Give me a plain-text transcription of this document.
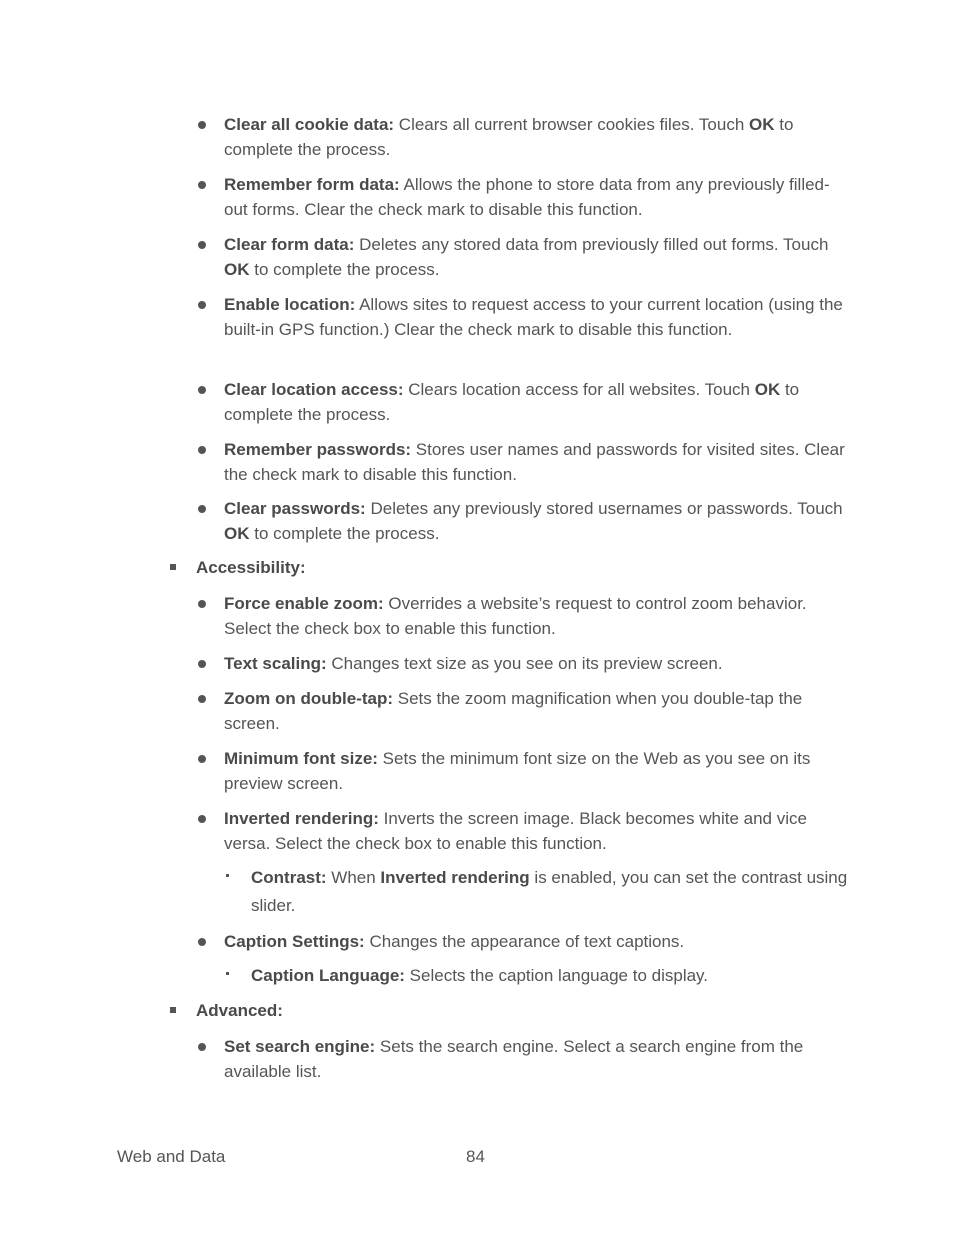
Clear all cookie data: Clears all current browser cookies files. Touch OK to complete the process.

Remember form data: Allows the phone to store data from any previously filled-out forms. Clear the check mark to disable this function.

Clear form data: Deletes any stored data from previously filled out forms. Touch OK to complete the process.

Enable location: Allows sites to request access to your current location (using the built-in GPS function.) Clear the check mark to disable this function.

Clear location access: Clears location access for all websites. Touch OK to complete the process.

Remember passwords: Stores user names and passwords for visited sites. Clear the check mark to disable this function.

Clear passwords: Deletes any previously stored usernames or passwords. Touch OK to complete the process.

Accessibility:

Force enable zoom: Overrides a website’s request to control zoom behavior. Select the check box to enable this function.

Text scaling: Changes text size as you see on its preview screen.

Zoom on double-tap: Sets the zoom magnification when you double-tap the screen.

Minimum font size: Sets the minimum font size on the Web as you see on its preview screen.

Inverted rendering: Inverts the screen image. Black becomes white and vice versa. Select the check box to enable this function.

Contrast: When Inverted rendering is enabled, you can set the contrast using slider.

Caption Settings: Changes the appearance of text captions.

Caption Language: Selects the caption language to display.

Advanced:

Set search engine: Sets the search engine. Select a search engine from the available list.

Web and Data	84
